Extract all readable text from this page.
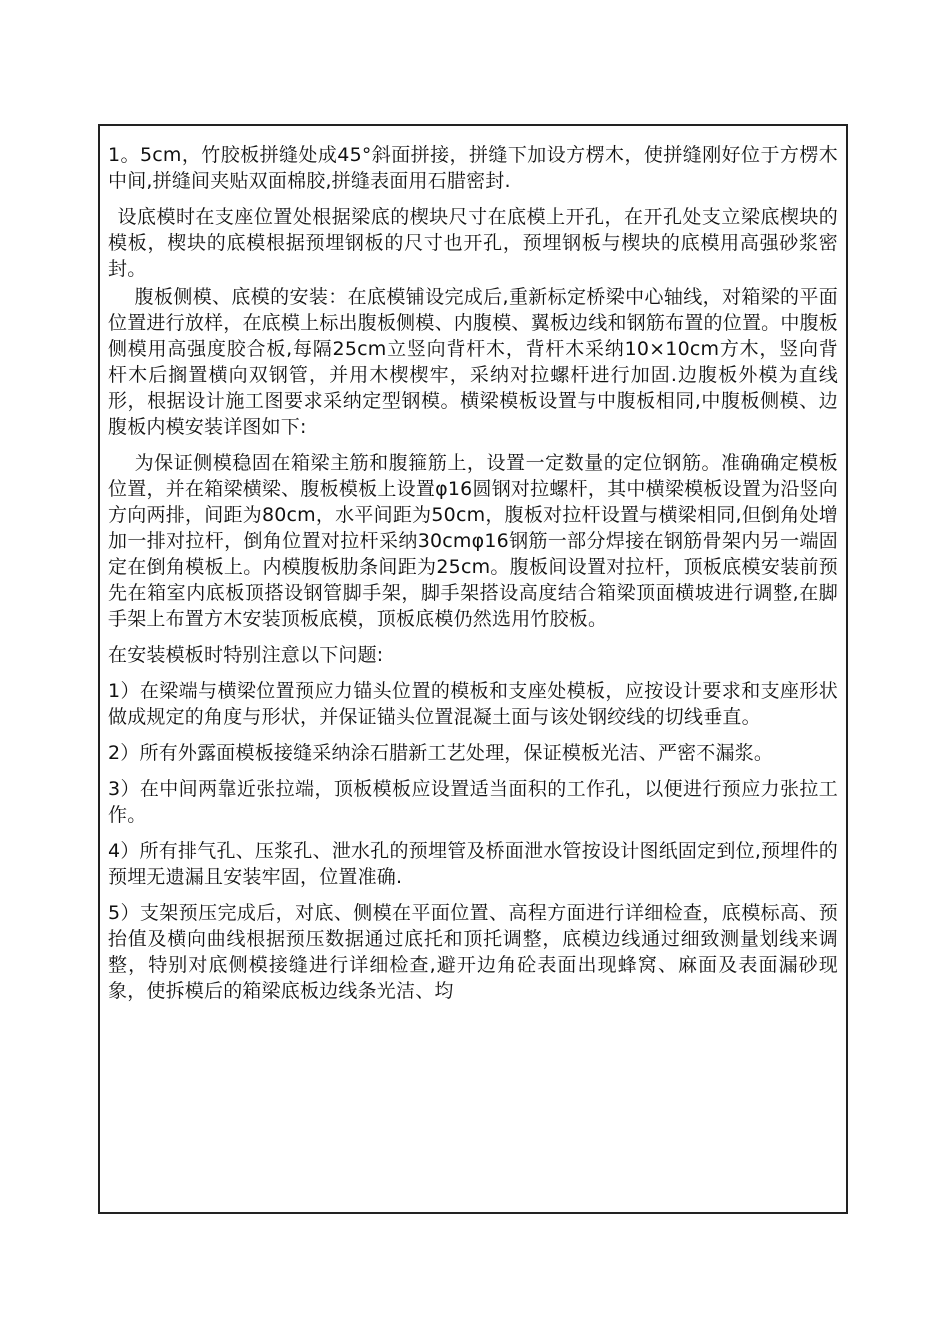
1。5cm，竹胶板拼缝处成45°斜面拼接，拼缝下加设方楞木，使拼缝刚好位于方楞木中间,拼缝间夹贴双面棉胶,拼缝表面用石腊密封.

设底模时在支座位置处根据梁底的楔块尺寸在底模上开孔，在开孔处支立梁底楔块的模板，楔块的底模根据预埋钢板的尺寸也开孔，预埋钢板与楔块的底模用高强砂浆密封。

腹板侧模、底模的安装：在底模铺设完成后,重新标定桥梁中心轴线，对箱梁的平面位置进行放样，在底模上标出腹板侧模、内腹模、翼板边线和钢筋布置的位置。中腹板侧模用高强度胶合板,每隔25cm立竖向背杆木，背杆木采纳10×10cm方木，竖向背杆木后搁置横向双钢管，并用木楔楔牢，采纳对拉螺杆进行加固.边腹板外模为直线形，根据设计施工图要求采纳定型钢模。横梁模板设置与中腹板相同,中腹板侧模、边腹板内模安装详图如下:

为保证侧模稳固在箱梁主筋和腹箍筋上，设置一定数量的定位钢筋。准确确定模板位置，并在箱梁横梁、腹板模板上设置φ16圆钢对拉螺杆，其中横梁模板设置为沿竖向方向两排，间距为80cm，水平间距为50cm，腹板对拉杆设置与横梁相同,但倒角处增加一排对拉杆，倒角位置对拉杆采纳30cmφ16钢筋一部分焊接在钢筋骨架内另一端固定在倒角模板上。内模腹板肋条间距为25cm。腹板间设置对拉杆，顶板底模安装前预先在箱室内底板顶搭设钢管脚手架，脚手架搭设高度结合箱梁顶面横坡进行调整,在脚手架上布置方木安装顶板底模，顶板底模仍然选用竹胶板。

在安装模板时特别注意以下问题:

1）在梁端与横梁位置预应力锚头位置的模板和支座处模板，应按设计要求和支座形状做成规定的角度与形状，并保证锚头位置混凝土面与该处钢绞线的切线垂直。

2）所有外露面模板接缝采纳涂石腊新工艺处理，保证模板光洁、严密不漏浆。

3）在中间两靠近张拉端，顶板模板应设置适当面积的工作孔，以便进行预应力张拉工作。

4）所有排气孔、压浆孔、泄水孔的预埋管及桥面泄水管按设计图纸固定到位,预埋件的预埋无遗漏且安装牢固，位置准确.

5）支架预压完成后，对底、侧模在平面位置、高程方面进行详细检查，底模标高、预抬值及横向曲线根据预压数据通过底托和顶托调整，底模边线通过细致测量划线来调整，特别对底侧模接缝进行详细检查,避开边角砼表面出现蜂窝、麻面及表面漏砂现象，使拆模后的箱梁底板边线条光洁、均
